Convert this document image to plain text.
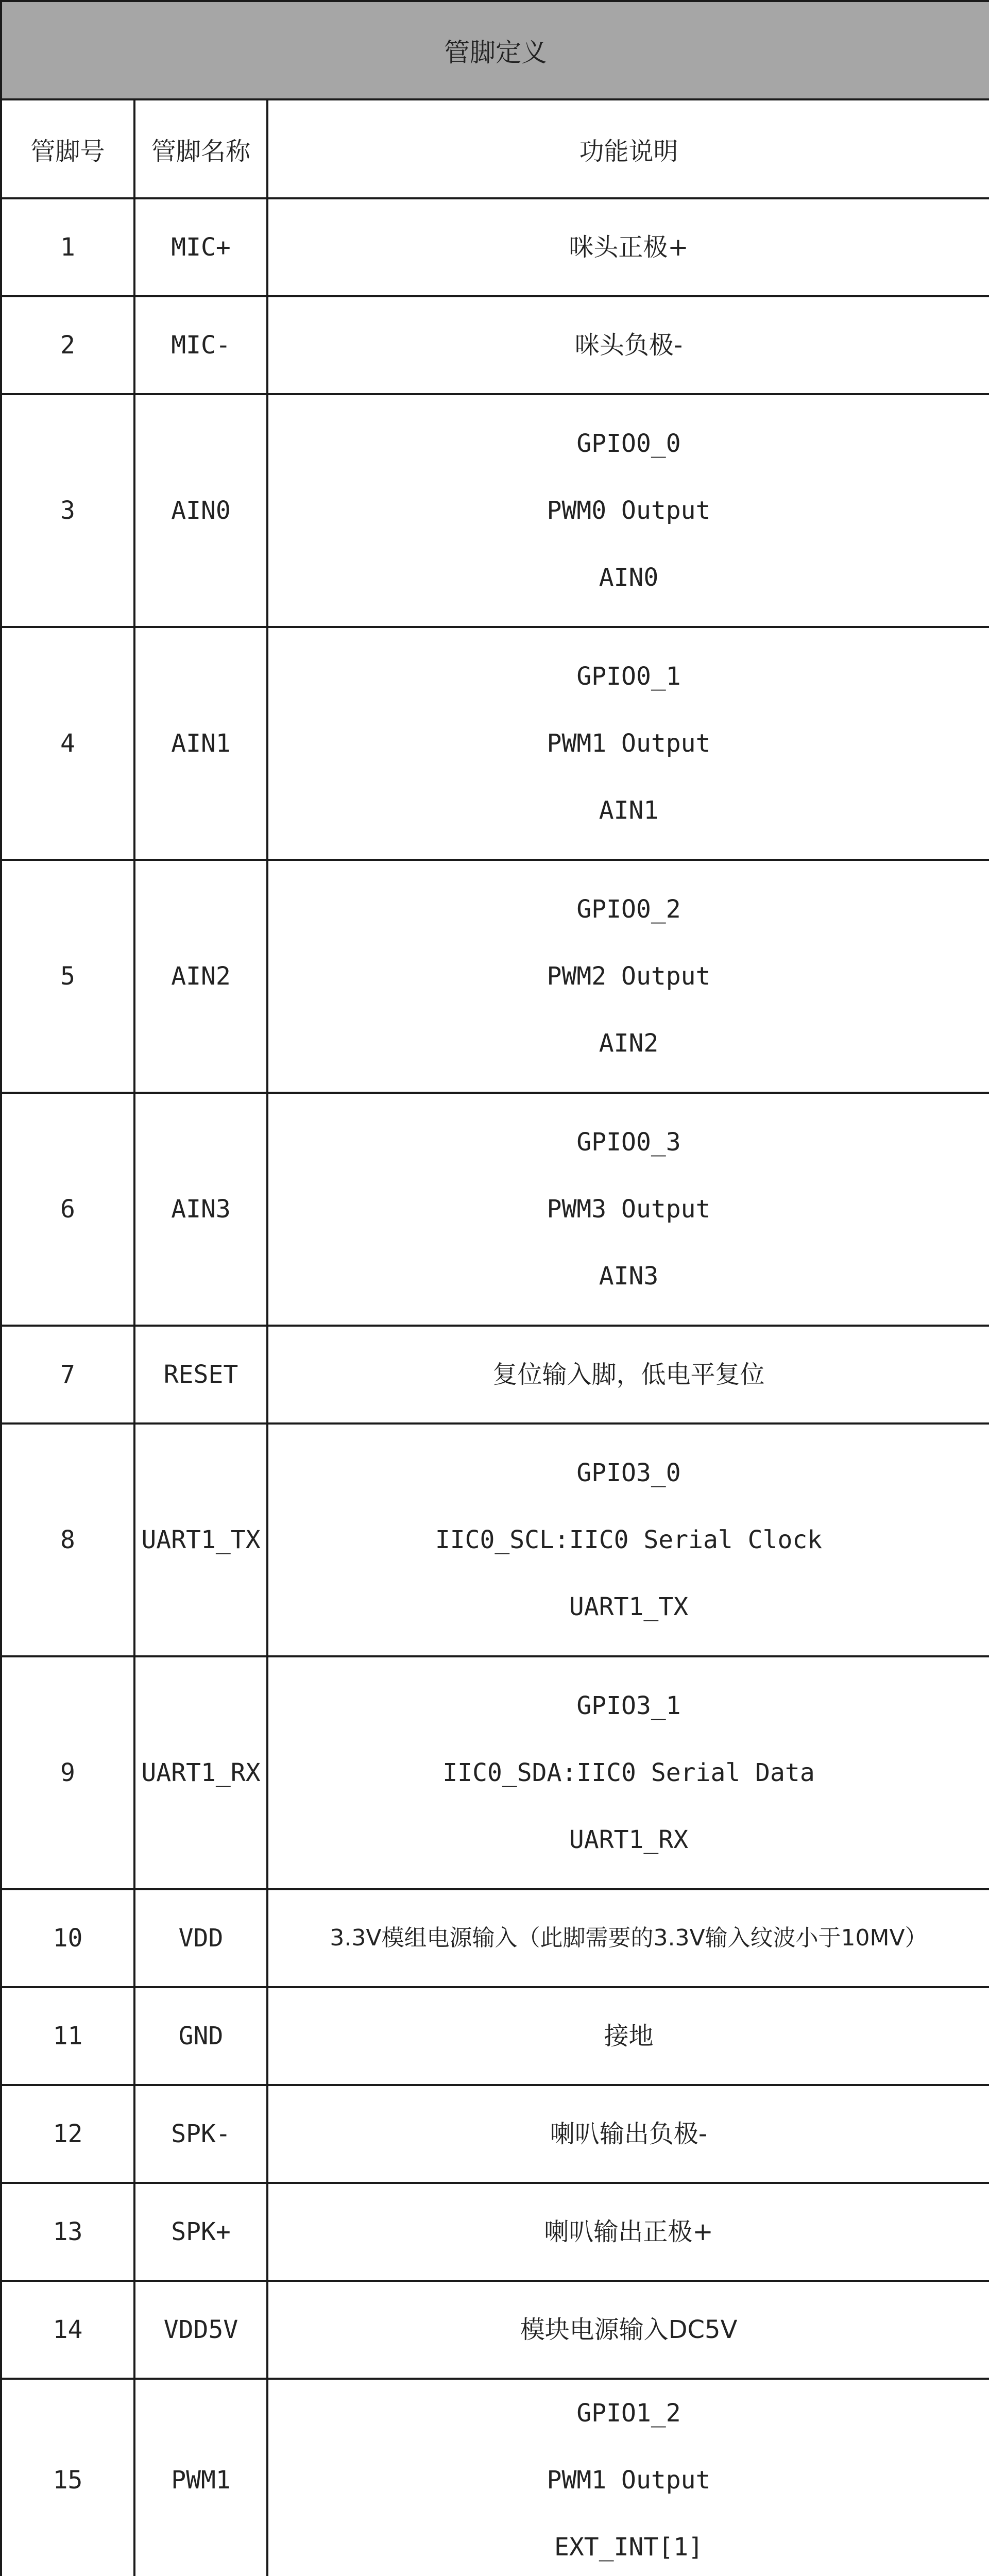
管脚定义		
管脚号	管脚名称	功能说明
1	MIC+	咪头正极+

2	MIC-	咪头负极-

3	AIN0	GPIO0_0
PWM0 Output
AIN0

4	AIN1	GPIO0_1
PWM1 Output
AIN1

5	AIN2	GPIO0_2
PWM2 Output
AIN2

6	AIN3	GPIO0_3
PWM3 Output
AIN3

7	RESET	复位输入脚，低电平复位

8	UART1_TX	GPIO3_0
IIC0_SCL:IIC0 Serial Clock
UART1_TX

9	UART1_RX	GPIO3_1
IIC0_SDA:IIC0 Serial Data
UART1_RX

10	VDD	3.3V模组电源输入（此脚需要的3.3V输入纹波小于10MV）

11	GND	接地

12	SPK-	喇叭输出负极-

13	SPK+	喇叭输出正极+

14	VDD5V	模块电源输入DC5V

15	PWM1	GPIO1_2
PWM1 Output
EXT_INT[1]
